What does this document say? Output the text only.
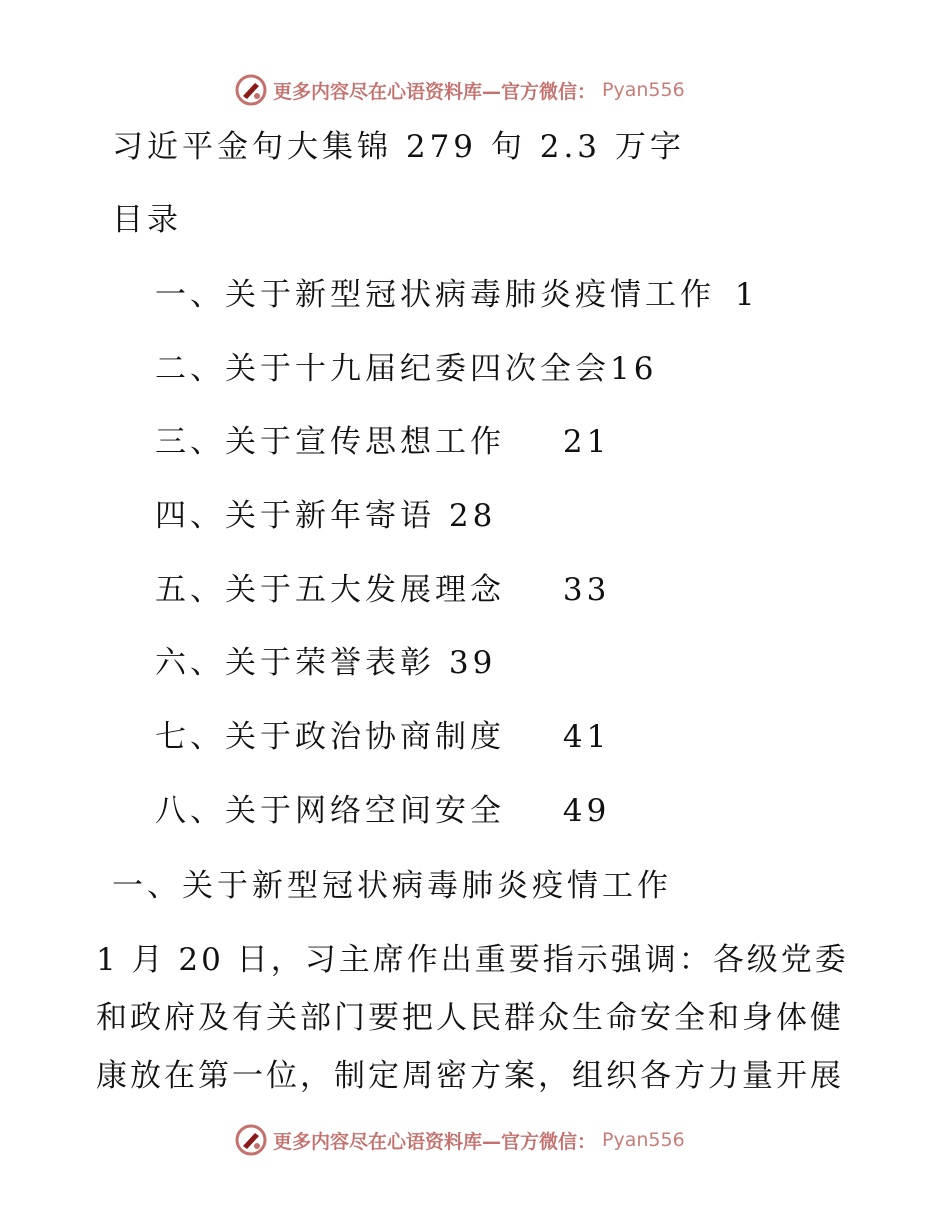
更多内容尽在心语资料库—官方微信： Pyan556
习近平金句大集锦 279 句 2.3 万字
目录
一、关于新型冠状病毒肺炎疫情工作 1
二、关于十九届纪委四次全会16
三、关于宣传思想工作 21
四、关于新年寄语 28
五、关于五大发展理念 33
六、关于荣誉表彰 39
七、关于政治协商制度 41
八、关于网络空间安全 49
一、关于新型冠状病毒肺炎疫情工作
1 月 20 日，习主席作出重要指示强调：各级党委
和政府及有关部门要把人民群众生命安全和身体健
康放在第一位，制定周密方案，组织各方力量开展
更多内容尽在心语资料库—官方微信： Pyan556
